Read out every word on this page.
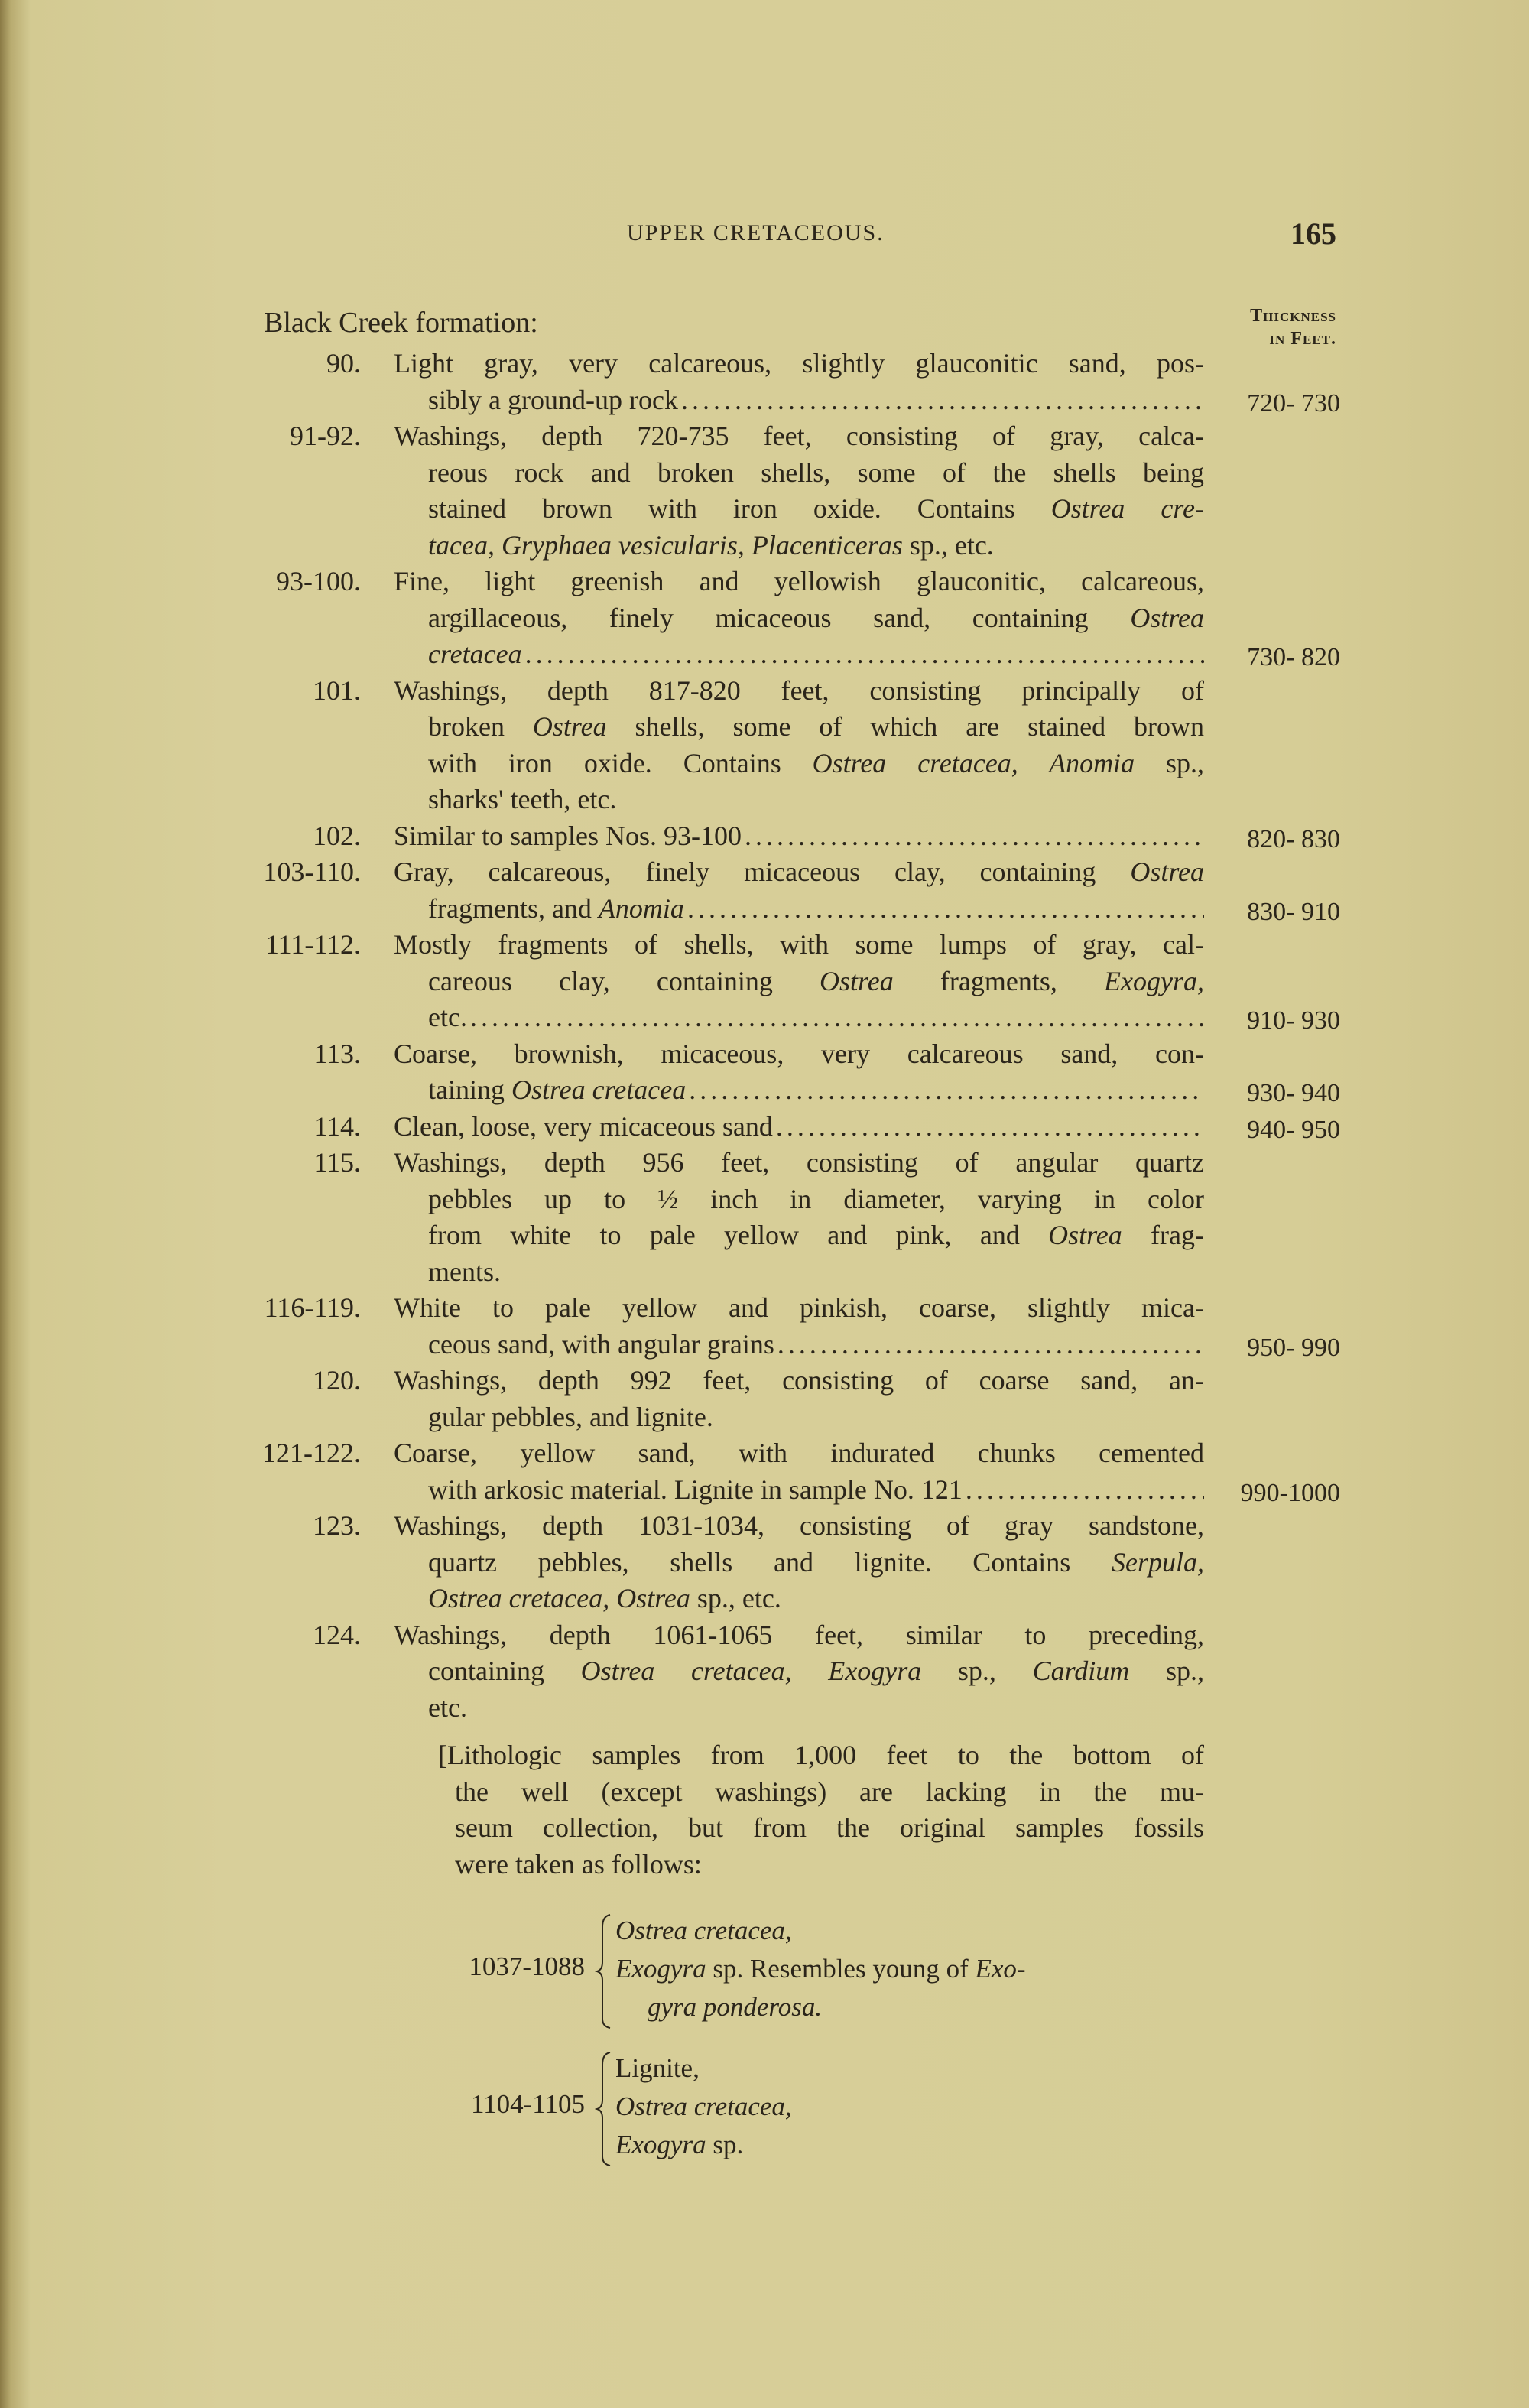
UPPER CRETACEOUS.	165
Black Creek formation:	Thickness
in Feet.
90. Light gray, very calcareous, slightly glauconitic sand, pos-
sibly a ground-up rock .....	720- 730
91-92. Washings, depth 720-735 feet, consisting of gray, calca-
reous rock and broken shells, some of the shells being
stained brown with iron oxide. Contains Ostrea cre-
tacea, Gryphaea vesicularis, Placenticeras sp., etc.
93-100. Fine, light greenish and yellowish glauconitic, calcareous,
argillaceous, finely micaceous sand, containing Ostrea
cretacea .....	730- 820
101. Washings, depth 817-820 feet, consisting principally of
broken Ostrea shells, some of which are stained brown
with iron oxide. Contains Ostrea cretacea, Anomia sp.,
sharks' teeth, etc.
102. Similar to samples Nos. 93-100 .....	820- 830
103-110. Gray, calcareous, finely micaceous clay, containing Ostrea
fragments, and Anomia .....	830- 910
111-112. Mostly fragments of shells, with some lumps of gray, cal-
careous clay, containing Ostrea fragments, Exogyra,
etc. .....	910- 930
113. Coarse, brownish, micaceous, very calcareous sand, con-
taining Ostrea cretacea .....	930- 940
114. Clean, loose, very micaceous sand .....	940- 950
115. Washings, depth 956 feet, consisting of angular quartz
pebbles up to ½ inch in diameter, varying in color
from white to pale yellow and pink, and Ostrea frag-
ments.
116-119. White to pale yellow and pinkish, coarse, slightly mica-
ceous sand, with angular grains .....	950- 990
120. Washings, depth 992 feet, consisting of coarse sand, an-
gular pebbles, and lignite.
121-122. Coarse, yellow sand, with indurated chunks cemented
with arkosic material. Lignite in sample No. 121 .....	990-1000
123. Washings, depth 1031-1034, consisting of gray sandstone,
quartz pebbles, shells and lignite. Contains Serpula,
Ostrea cretacea, Ostrea sp., etc.
124. Washings, depth 1061-1065 feet, similar to preceding,
containing Ostrea cretacea, Exogyra sp., Cardium sp.,
etc.
[Lithologic samples from 1,000 feet to the bottom of
the well (except washings) are lacking in the mu-
seum collection, but from the original samples fossils
were taken as follows:
1037-1088
Ostrea cretacea,
Exogyra sp. Resembles young of Exo-
gyra ponderosa.
1104-1105
Lignite,
Ostrea cretacea,
Exogyra sp.
